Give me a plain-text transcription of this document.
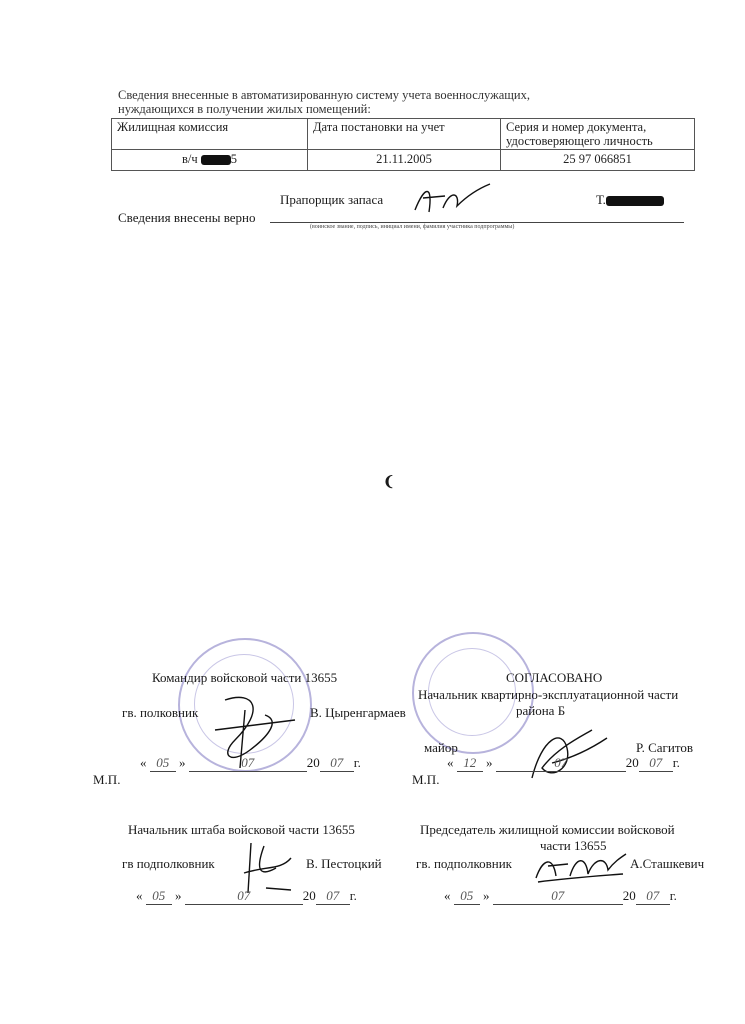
Сведения внесенные в автоматизированную систему учета военнослужащих,
нуждающихся в получении жилых помещений:
Жилищная комиссия	Дата постановки на учет	Серия и номер документа, удостоверяющего личность
в/ч 5	21.11.2005	25 97 066851
Прапорщик запаса	Т.
Сведения внесены верно
(воинское звание, подпись, инициал имени, фамилия участника подпрограммы)
❨
Командир войсковой части 13655
гв. полковник	В. Цыренгармаев
« 05 »	07	20 07 г.
М.П.
СОГЛАСОВАНО
Начальник квартирно-эксплуатационной части
района Б
майор	Р. Сагитов
« 12 »	07	20 07 г.
М.П.
Начальник штаба войсковой части 13655
гв подполковник	В. Пестоцкий
« 05 »	07	20 07 г.
Председатель жилищной комиссии войсковой
части 13655
гв. подполковник	А.Сташкевич
« 05 »	07	20 07 г.
